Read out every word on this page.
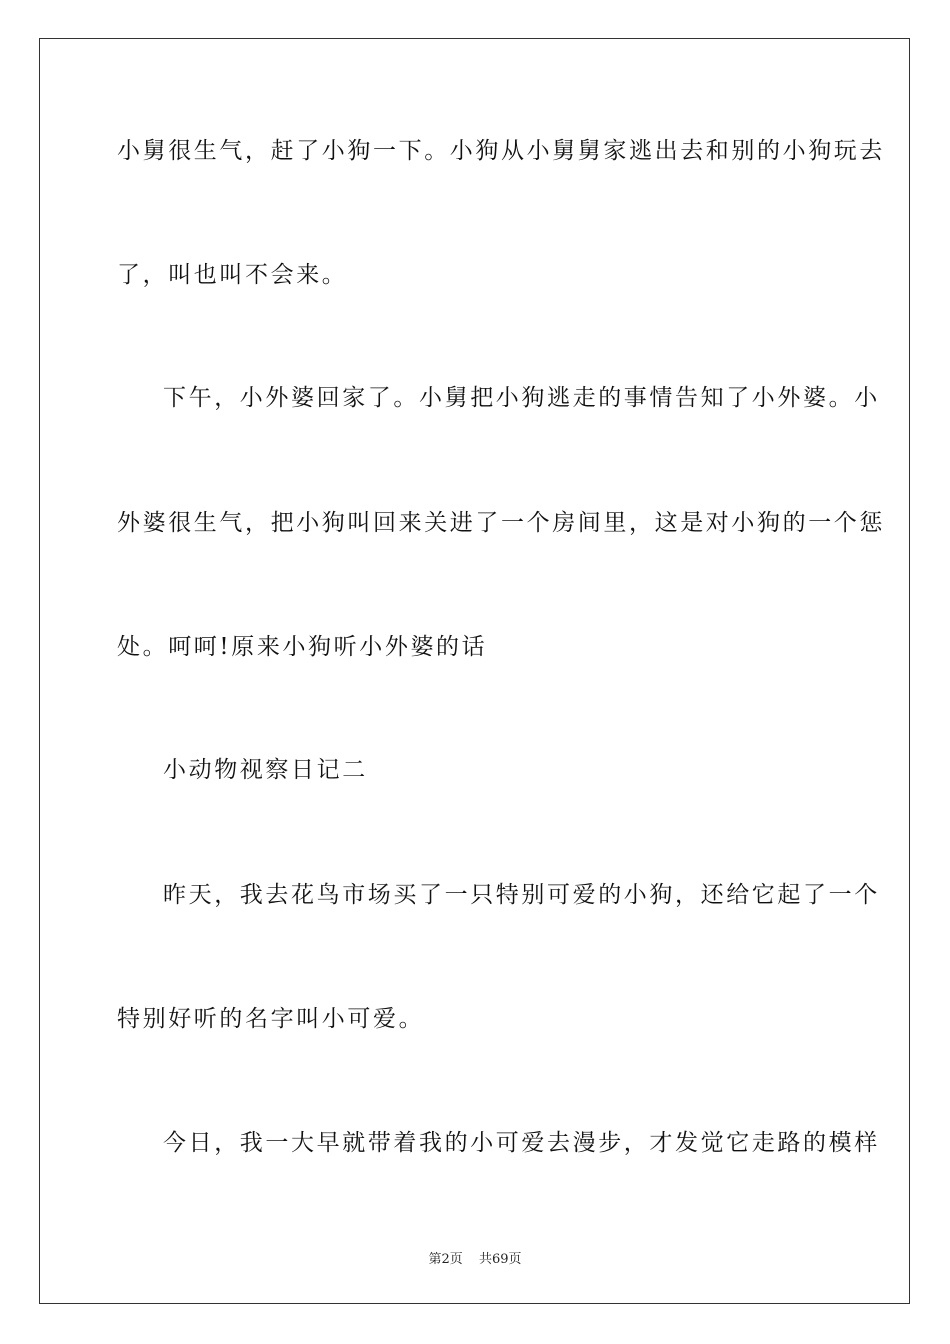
小舅很生气，赶了小狗一下。小狗从小舅舅家逃出去和别的小狗玩去
了，叫也叫不会来。
下午，小外婆回家了。小舅把小狗逃走的事情告知了小外婆。小
外婆很生气，把小狗叫回来关进了一个房间里，这是对小狗的一个惩
处。呵呵!原来小狗听小外婆的话
小动物视察日记二
昨天，我去花鸟市场买了一只特别可爱的小狗，还给它起了一个
特别好听的名字叫小可爱。
今日，我一大早就带着我的小可爱去漫步，才发觉它走路的模样
第2页 共69页
